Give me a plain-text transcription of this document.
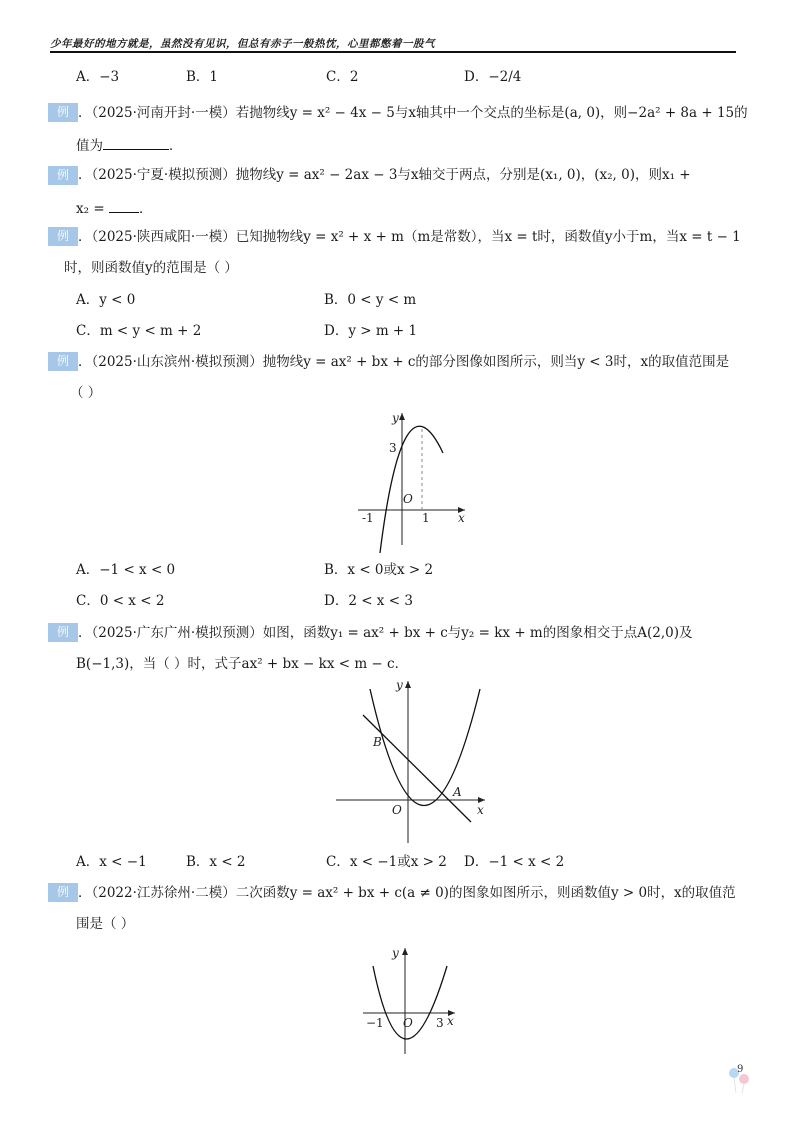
少年最好的地方就是，虽然没有见识，但总有赤子一般热忱，心里都憋着一股气
A．−3	B．1	C．2	D．−2/4
例 21
．（2025·河南开封·一模）若抛物线y = x² − 4x − 5与x轴其中一个交点的坐标是(a, 0)，则−2a² + 8a + 15的
值为	．
例 22
．（2025·宁夏·模拟预测）抛物线y = ax² − 2ax − 3与x轴交于两点，分别是(x₁, 0)，(x₂, 0)，则x₁ +
x₂ =	．
例 23
．（2025·陕西咸阳·一模）已知抛物线y = x² + x + m（m是常数），当x = t时，函数值y小于m，当x = t − 1
时，则函数值y的范围是（ ）
A．y < 0	B．0 < y < m
C．m < y < m + 2	D．y > m + 1
例 24
．（2025·山东滨州·模拟预测）抛物线y = ax² + bx + c的部分图像如图所示，则当y < 3时，x的取值范围是
（ ）
y
x
O
3
-1	1
A．−1 < x < 0	B．x < 0或x > 2
C．0 < x < 2	D．2 < x < 3
例 25
．（2025·广东广州·模拟预测）如图，函数y₁ = ax² + bx + c与y₂ = kx + m的图象相交于点A(2,0)及
B(−1,3)，当（ ）时，式子ax² + bx − kx < m − c．
y
x
O
A
B
A．x < −1	B．x < 2	C．x < −1或x > 2 D．−1 < x < 2
例 26
．（2022·江苏徐州·二模）二次函数y = ax² + bx + c(a ≠ 0)的图象如图所示，则函数值y > 0时，x的取值范
围是（ ）
y
x
O
−1	3
9
